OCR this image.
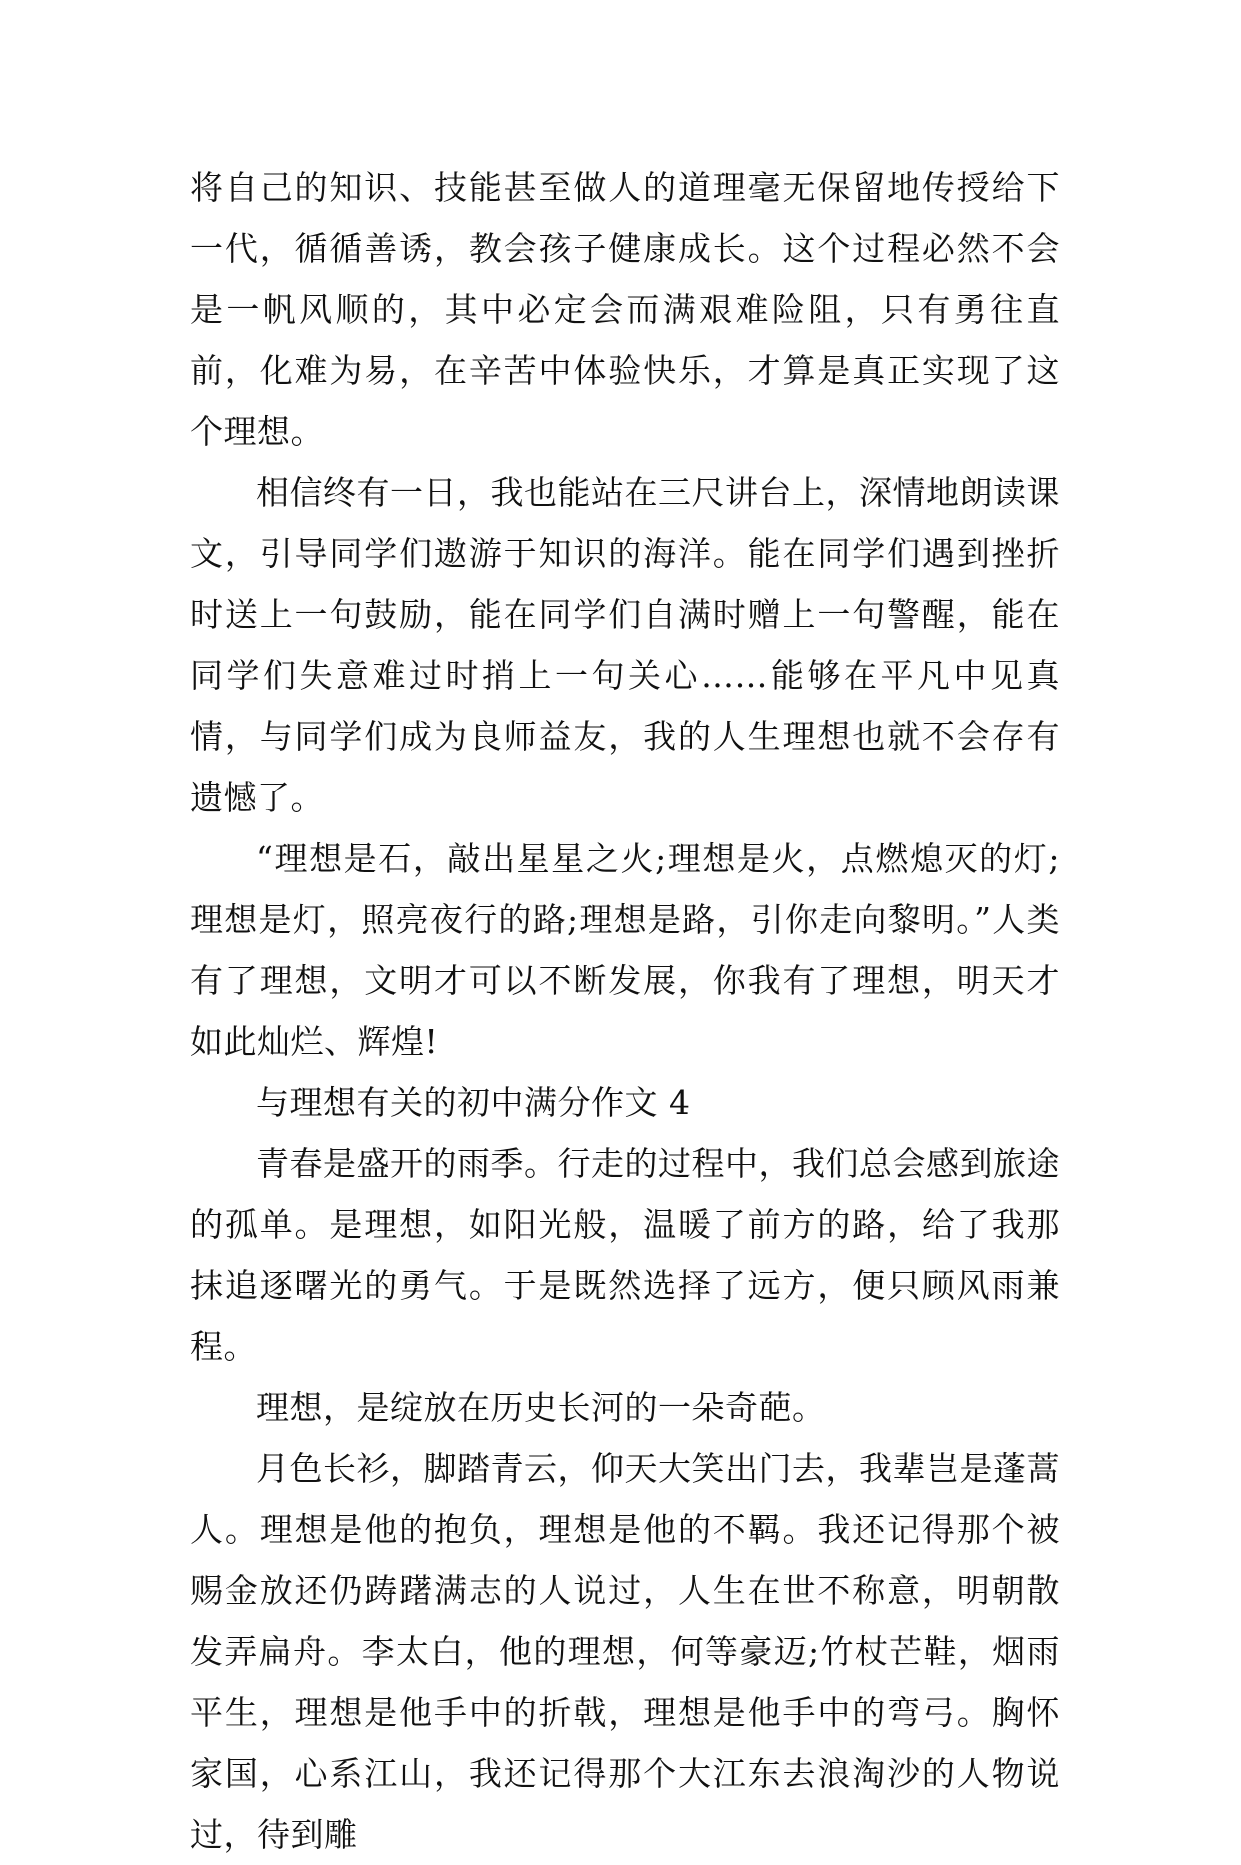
将自己的知识、技能甚至做人的道理毫无保留地传授给下一代，循循善诱，教会孩子健康成长。这个过程必然不会是一帆风顺的，其中必定会而满艰难险阻，只有勇往直前，化难为易，在辛苦中体验快乐，才算是真正实现了这个理想。

相信终有一日，我也能站在三尺讲台上，深情地朗读课文，引导同学们遨游于知识的海洋。能在同学们遇到挫折时送上一句鼓励，能在同学们自满时赠上一句警醒，能在同学们失意难过时捎上一句关心……能够在平凡中见真情，与同学们成为良师益友，我的人生理想也就不会存有遗憾了。

“理想是石，敲出星星之火;理想是火，点燃熄灭的灯;理想是灯，照亮夜行的路;理想是路，引你走向黎明。”人类有了理想，文明才可以不断发展，你我有了理想，明天才如此灿烂、辉煌!

与理想有关的初中满分作文 4

青春是盛开的雨季。行走的过程中，我们总会感到旅途的孤单。是理想，如阳光般，温暖了前方的路，给了我那抹追逐曙光的勇气。于是既然选择了远方，便只顾风雨兼程。

理想，是绽放在历史长河的一朵奇葩。

月色长衫，脚踏青云，仰天大笑出门去，我辈岂是蓬蒿人。理想是他的抱负，理想是他的不羁。我还记得那个被赐金放还仍踌躇满志的人说过，人生在世不称意，明朝散发弄扁舟。李太白，他的理想，何等豪迈;竹杖芒鞋，烟雨平生，理想是他手中的折戟，理想是他手中的弯弓。胸怀家国，心系江山，我还记得那个大江东去浪淘沙的人物说过，待到雕
